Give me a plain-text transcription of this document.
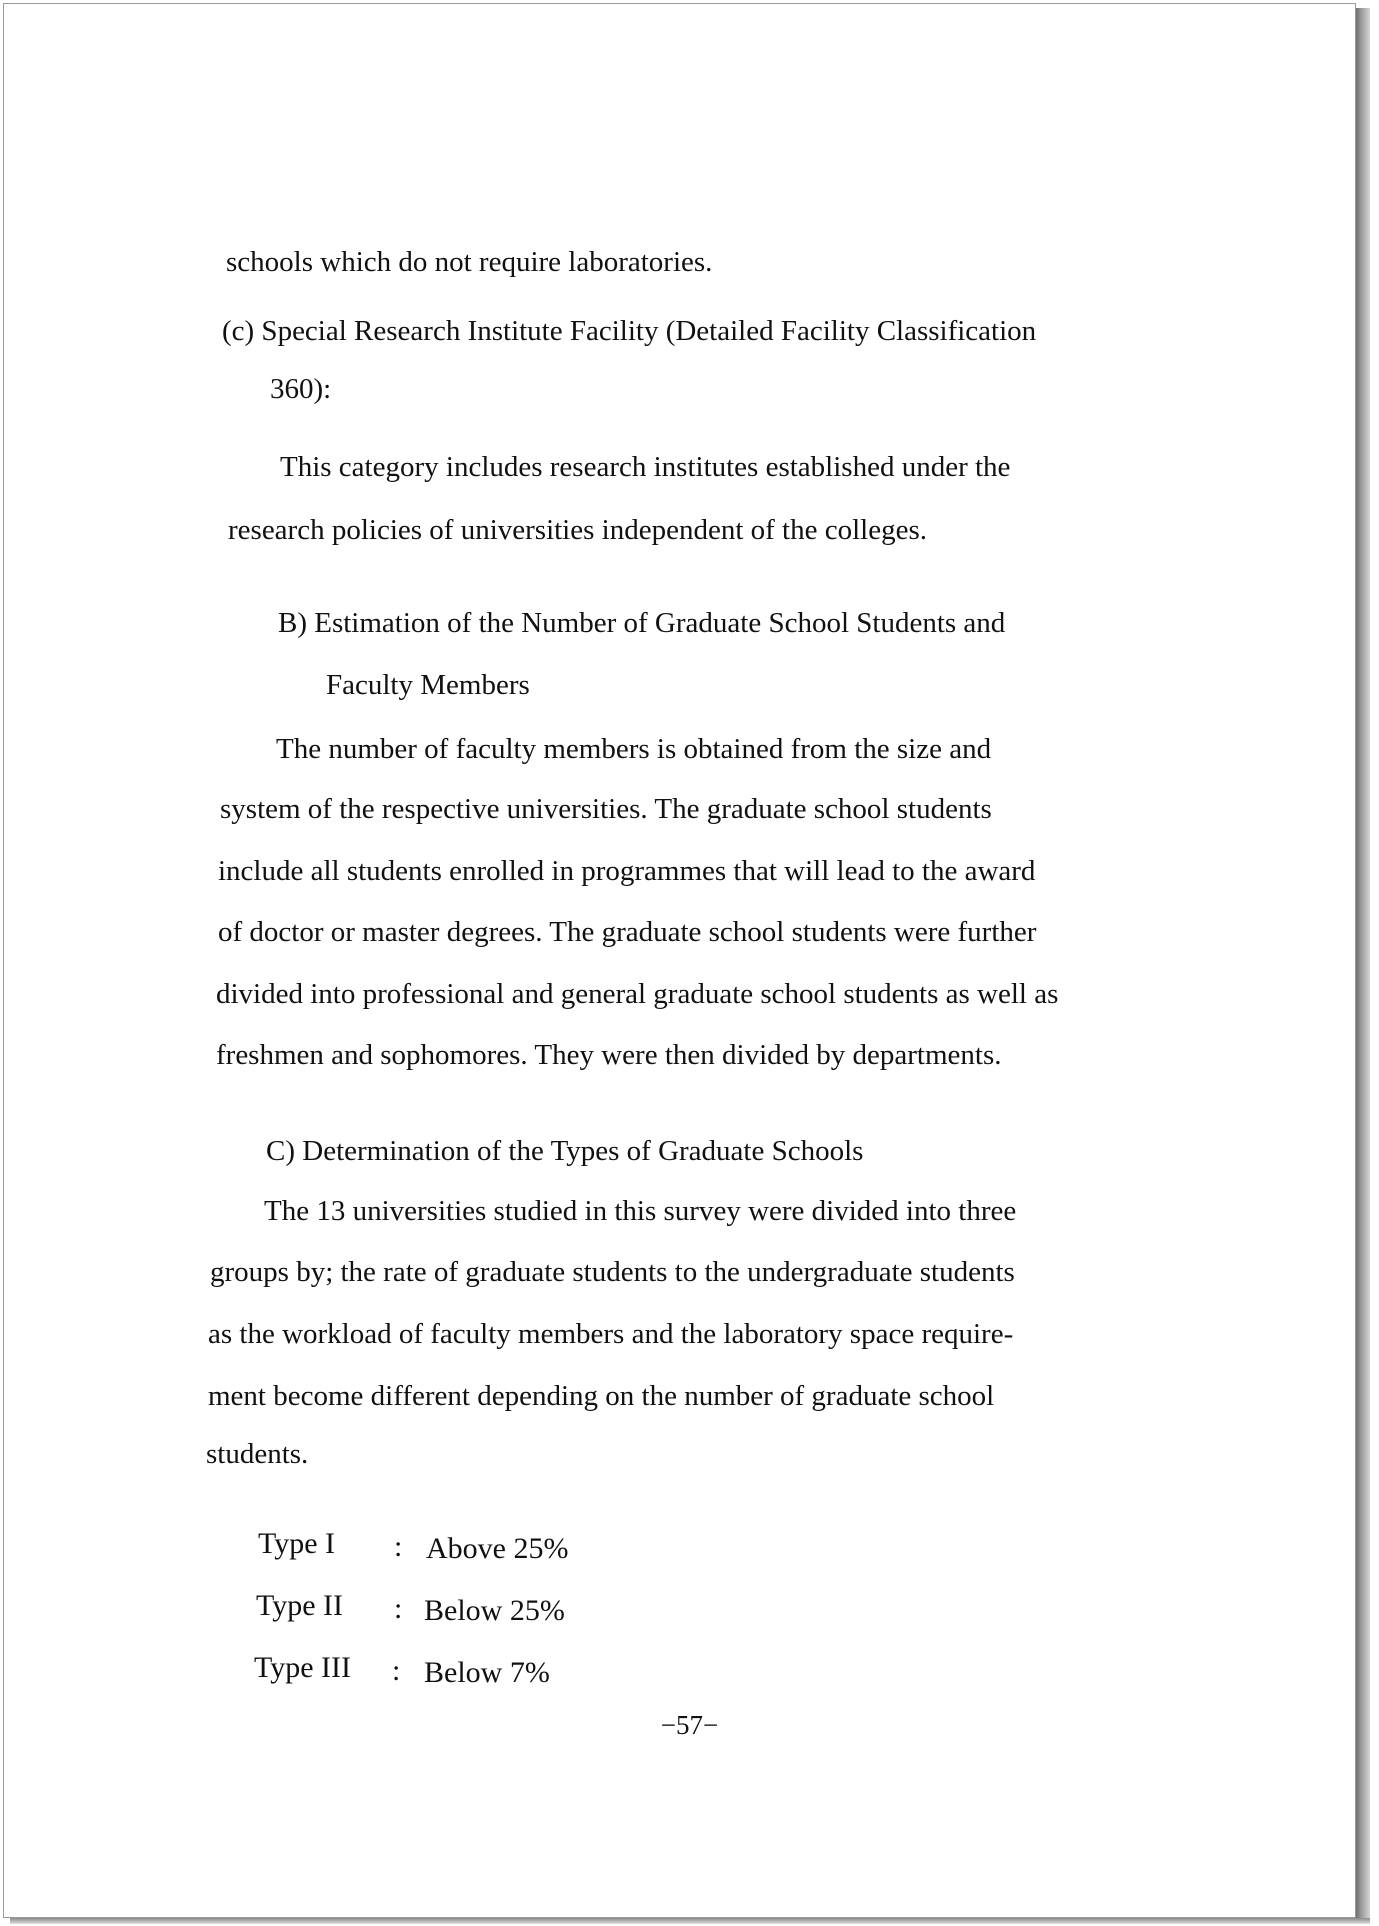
schools which do not require laboratories.
(c) Special Research Institute Facility (Detailed Facility Classification
360):
This category includes research institutes established under the
research policies of universities independent of the colleges.
B) Estimation of the Number of Graduate School Students and
Faculty Members
The number of faculty members is obtained from the size and
system of the respective universities. The graduate school students
include all students enrolled in programmes that will lead to the award
of doctor or master degrees. The graduate school students were further
divided into professional and general graduate school students as well as
freshmen and sophomores. They were then divided by departments.
C) Determination of the Types of Graduate Schools
The 13 universities studied in this survey were divided into three
groups by; the rate of graduate students to the undergraduate students
as the workload of faculty members and the laboratory space require-
ment become different depending on the number of graduate school
students.
Type I : Above 25%
Type II : Below 25%
Type III : Below 7%
−57−
